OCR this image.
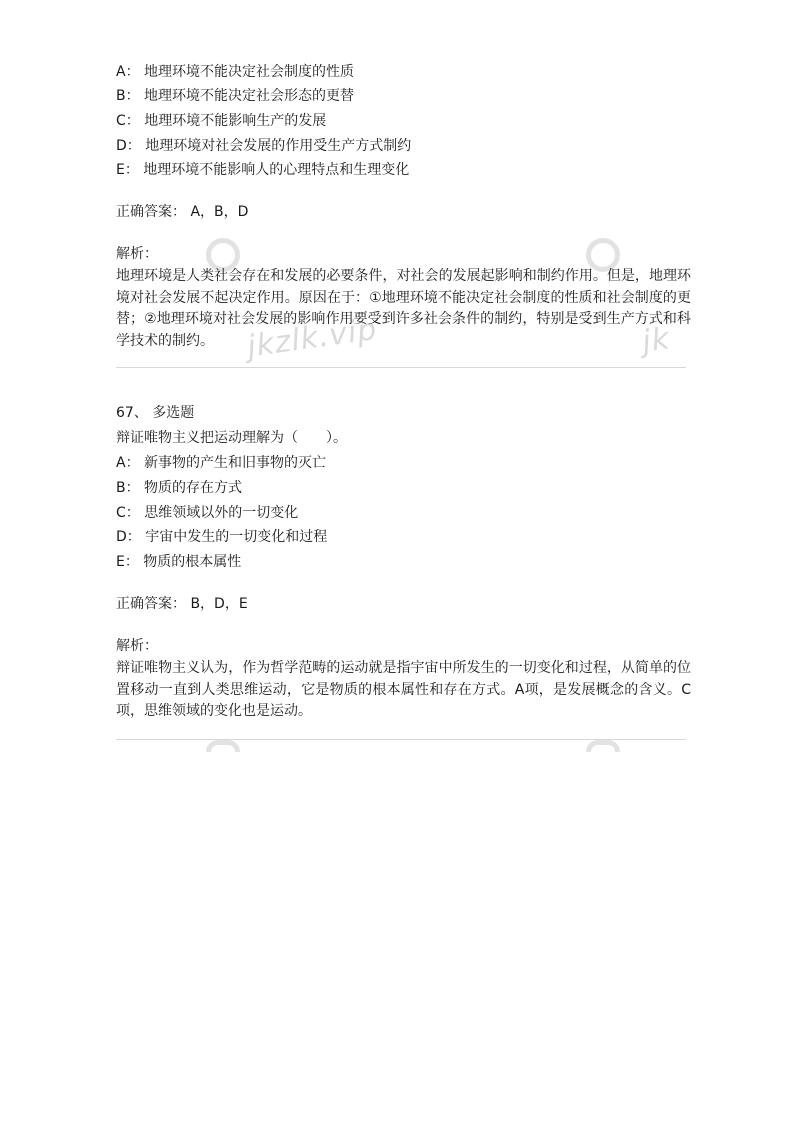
jkzlk.vip	jk
A： 地理环境不能决定社会制度的性质
B： 地理环境不能决定社会形态的更替
C： 地理环境不能影响生产的发展
D： 地理环境对社会发展的作用受生产方式制约
E： 地理环境不能影响人的心理特点和生理变化
正确答案： A，B，D
解析：
地理环境是人类社会存在和发展的必要条件，对社会的发展起影响和制约作用。但是，地理环境对社会发展不起决定作用。原因在于：①地理环境不能决定社会制度的性质和社会制度的更替；②地理环境对社会发展的影响作用要受到许多社会条件的制约，特别是受到生产方式和科学技术的制约。
67、 多选题
辩证唯物主义把运动理解为（　　）。
A： 新事物的产生和旧事物的灭亡
B： 物质的存在方式
C： 思维领域以外的一切变化
D： 宇宙中发生的一切变化和过程
E： 物质的根本属性
正确答案： B，D，E
解析：
辩证唯物主义认为，作为哲学范畴的运动就是指宇宙中所发生的一切变化和过程，从简单的位置移动一直到人类思维运动，它是物质的根本属性和存在方式。A项，是发展概念的含义。C项，思维领域的变化也是运动。
